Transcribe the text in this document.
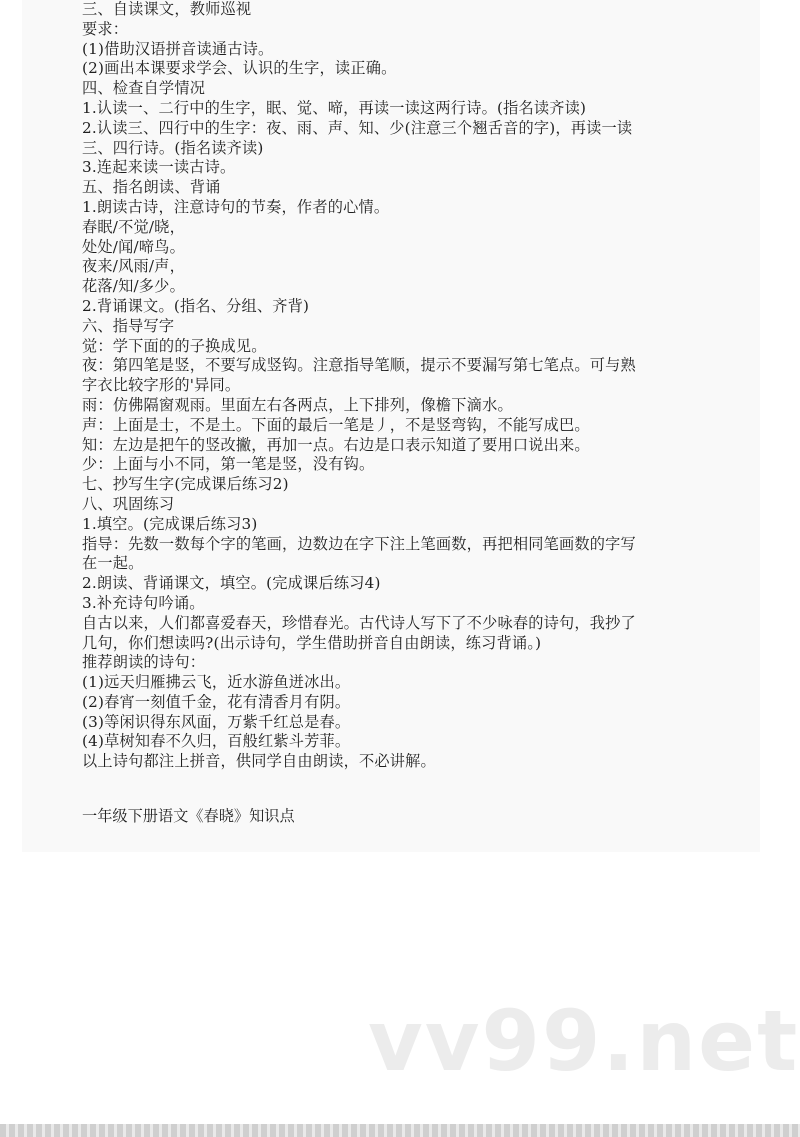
三、自读课文，教师巡视
要求：
(1)借助汉语拼音读通古诗。
(2)画出本课要求学会、认识的生字，读正确。
四、检查自学情况
1.认读一、二行中的生字，眠、觉、啼，再读一读这两行诗。(指名读齐读)
2.认读三、四行中的生字：夜、雨、声、知、少(注意三个翘舌音的字)，再读一读
三、四行诗。(指名读齐读)
3.连起来读一读古诗。
五、指名朗读、背诵
1.朗读古诗，注意诗句的节奏，作者的心情。
春眠/不觉/晓，
处处/闻/啼鸟。
夜来/风雨/声，
花落/知/多少。
2.背诵课文。(指名、分组、齐背)
六、指导写字
觉：学下面的的子换成见。
夜：第四笔是竖，不要写成竖钩。注意指导笔顺，提示不要漏写第七笔点。可与熟
字衣比较字形的'异同。
雨：仿佛隔窗观雨。里面左右各两点，上下排列，像檐下滴水。
声：上面是士，不是土。下面的最后一笔是丿，不是竖弯钩，不能写成巴。
知：左边是把午的竖改撇，再加一点。右边是口表示知道了要用口说出来。
少：上面与小不同，第一笔是竖，没有钩。
七、抄写生字(完成课后练习2)
八、巩固练习
1.填空。(完成课后练习3)
指导：先数一数每个字的笔画，边数边在字下注上笔画数，再把相同笔画数的字写
在一起。
2.朗读、背诵课文，填空。(完成课后练习4)
3.补充诗句吟诵。
自古以来，人们都喜爱春天，珍惜春光。古代诗人写下了不少咏春的诗句，我抄了
几句，你们想读吗?(出示诗句，学生借助拼音自由朗读，练习背诵。)
推荐朗读的诗句：
(1)远天归雁拂云飞，近水游鱼迸冰出。
(2)春宵一刻值千金，花有清香月有阴。
(3)等闲识得东风面，万紫千红总是春。
(4)草树知春不久归，百般红紫斗芳菲。
以上诗句都注上拼音，供同学自由朗读，不必讲解。
一年级下册语文《春晓》知识点
vv99.net
